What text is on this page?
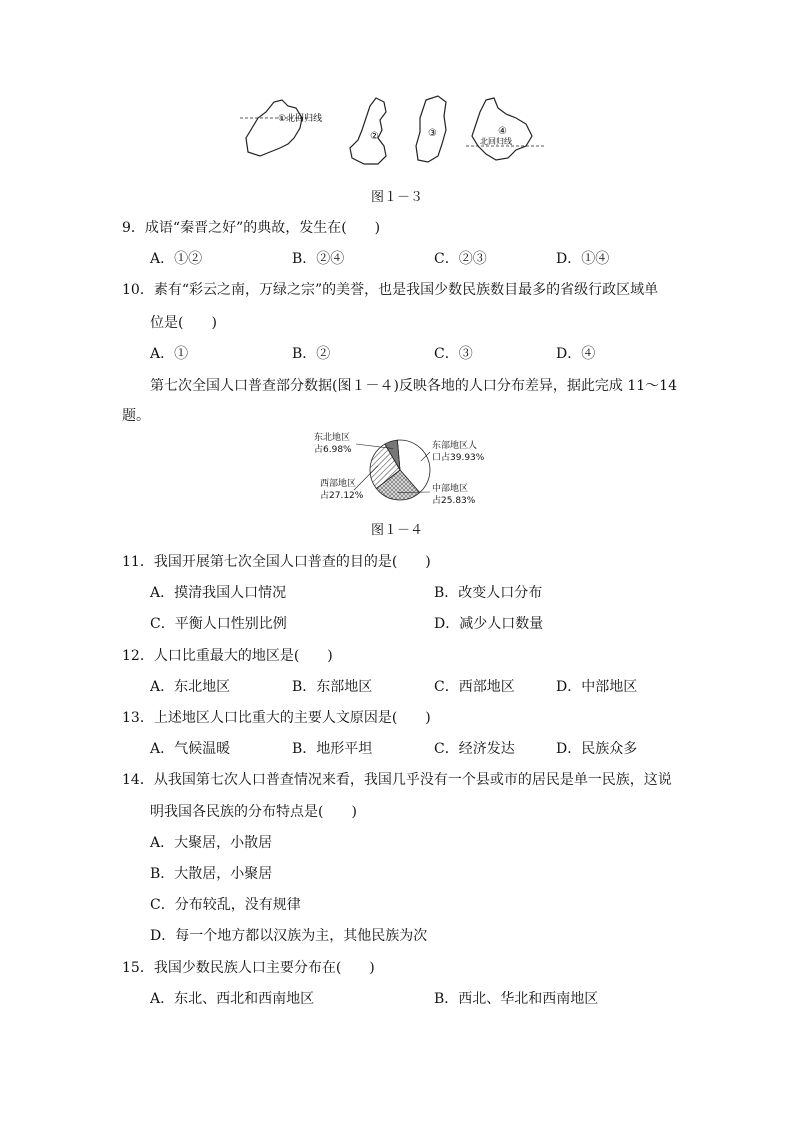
①北回归线
②	③	④
北回归线
图１－３
9．成语“秦晋之好”的典故，发生在(　　)
A．①②	B．②④	C．②③	D．①④
10．素有“彩云之南，万绿之宗”的美誉，也是我国少数民族数目最多的省级行政区域单
位是(　　)
A．①	B．②	C．③	D．④
第七次全国人口普查部分数据(图１－４)反映各地的人口分布差异，据此完成 11～14
题。
东北地区
占6.98%	东部地区人
口占39.93%
西部地区
占27.12%
中部地区
占25.83%
图１－４
11．我国开展第七次全国人口普查的目的是(　　)
A．摸清我国人口情况	B．改变人口分布
C．平衡人口性别比例	D．减少人口数量
12．人口比重最大的地区是(　　)
A．东北地区	B．东部地区	C．西部地区	D．中部地区
13．上述地区人口比重大的主要人文原因是(　　)
A．气候温暖	B．地形平坦	C．经济发达	D．民族众多
14．从我国第七次人口普查情况来看，我国几乎没有一个县或市的居民是单一民族，这说
明我国各民族的分布特点是(　　)
A．大聚居，小散居
B．大散居，小聚居
C．分布较乱，没有规律
D．每一个地方都以汉族为主，其他民族为次
15．我国少数民族人口主要分布在(　　)
A．东北、西北和西南地区	B．西北、华北和西南地区
